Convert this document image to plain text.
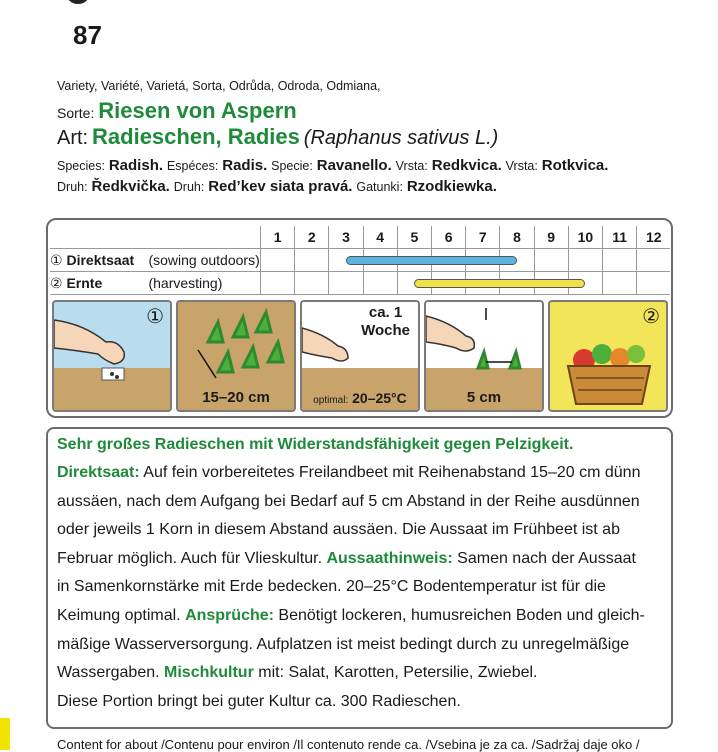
87
Variety, Variété, Varietá, Sorta, Odrůda, Odroda, Odmiana,
Sorte: Riesen von Aspern
Art: Radieschen, Radies (Raphanus sativus L.)
Species: Radish. Espéces: Radis. Specie: Ravanello. Vrsta: Redkvica. Vrsta: Rotkvica.
Druh: Ředkvička. Druh: Red’kev siata pravá. Gatunki: Rzodkiewka.
1	2	3	4	5	6	7	8	9	10	11	12
① Direktsaat (sowing outdoors)
② Ernte	(harvesting)
①
15–20 cm
ca. 1
Woche
optimal: 20–25°C	5 cm
②
Sehr großes Radieschen mit Widerstandsfähigkeit gegen Pelzigkeit.
Direktsaat: Auf fein vorbereitetes Freilandbeet mit Reihenabstand 15–20 cm dünn
aussäen, nach dem Aufgang bei Bedarf auf 5 cm Abstand in der Reihe ausdünnen
oder jeweils 1 Korn in diesem Abstand aussäen. Die Aussaat im Frühbeet ist ab
Februar möglich. Auch für Vlieskultur. Aussaathinweis: Samen nach der Aussaat
in Samenkornstärke mit Erde bedecken. 20–25°C Bodentemperatur ist für die
Keimung optimal. Ansprüche: Benötigt lockeren, humusreichen Boden und gleich-
mäßige Wasserversorgung. Aufplatzen ist meist bedingt durch zu unregelmäßige
Wassergaben. Mischkultur mit: Salat, Karotten, Petersilie, Zwiebel.
Diese Portion bringt bei guter Kultur ca. 300 Radieschen.
Content for about /Contenu pour environ /Il contenuto rende ca. /Vsebina je za ca. /Sadržaj daje oko /
